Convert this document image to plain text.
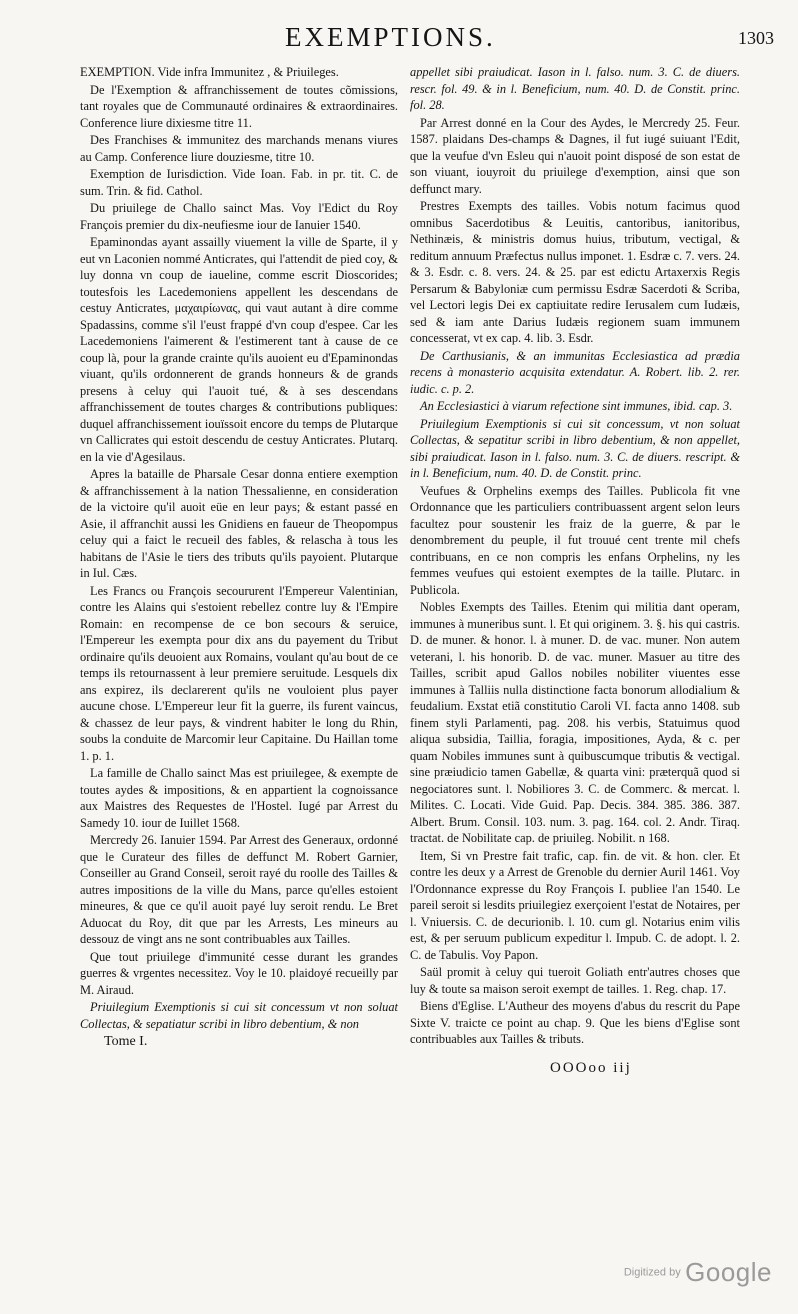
EXEMPTIONS.	1303

EXEMPTION. Vide infra Immunitez , & Priuileges.

De l'Exemption & affranchissement de toutes cõmissions, tant royales que de Communauté ordinaires & extraordinaires. Conference liure dixiesme titre 11.

Des Franchises & immunitez des marchands menans viures au Camp. Conference liure douziesme, titre 10.

Exemption de Iurisdiction. Vide Ioan. Fab. in pr. tit. C. de sum. Trin. & fid. Cathol.

Du priuilege de Challo sainct Mas. Voy l'Edict du Roy François premier du dix-neufiesme iour de Ianuier 1540.

Epaminondas ayant assailly viuement la ville de Sparte, il y eut vn Laconien nommé Anticrates, qui l'attendit de pied coy, & luy donna vn coup de iaueline, comme escrit Dioscorides; toutesfois les Lacedemoniens appellent les descendans de cestuy Anticrates, μαχαιρίωνας, qui vaut autant à dire comme Spadassins, comme s'il l'eust frappé d'vn coup d'espee. Car les Lacedemoniens l'aimerent & l'estimerent tant à cause de ce coup là, pour la grande crainte qu'ils auoient eu d'Epaminondas viuant, qu'ils ordonnerent de grands honneurs & de grands presens à celuy qui l'auoit tué, & à ses descendans affranchissement de toutes charges & contributions publiques: duquel affranchissement iouïssoit encore du temps de Plutarque vn Callicrates qui estoit descendu de cestuy Anticrates. Plutarq. en la vie d'Agesilaus.

Apres la bataille de Pharsale Cesar donna entiere exemption & affranchissement à la nation Thessalienne, en consideration de la victoire qu'il auoit eüe en leur pays; & estant passé en Asie, il affranchit aussi les Gnidiens en faueur de Theopompus celuy qui a faict le recueil des fables, & relascha à tous les habitans de l'Asie le tiers des tributs qu'ils payoient. Plutarque in Iul. Cæs.

Les Francs ou François secoururent l'Empereur Valentinian, contre les Alains qui s'estoient rebellez contre luy & l'Empire Romain: en recompense de ce bon secours & seruice, l'Empereur les exempta pour dix ans du payement du Tribut ordinaire qu'ils deuoient aux Romains, voulant qu'au bout de ce temps ils retournassent à leur premiere seruitude. Lesquels dix ans expirez, ils declarerent qu'ils ne vouloient plus payer aucune chose. L'Empereur leur fit la guerre, ils furent vaincus, & chassez de leur pays, & vindrent habiter le long du Rhin, soubs la conduite de Marcomir leur Capitaine. Du Haillan tome 1. p. 1.

La famille de Challo sainct Mas est priuilegee, & exempte de toutes aydes & impositions, & en appartient la cognoissance aux Maistres des Requestes de l'Hostel. Iugé par Arrest du Samedy 10. iour de Iuillet 1568.

Mercredy 26. Ianuier 1594. Par Arrest des Generaux, ordonné que le Curateur des filles de deffunct M. Robert Garnier, Conseiller au Grand Conseil, seroit rayé du roolle des Tailles & autres impositions de la ville du Mans, parce qu'elles estoient mineures, & que ce qu'il auoit payé luy seroit rendu. Le Bret Aduocat du Roy, dit que par les Arrests, Les mineurs au dessouz de vingt ans ne sont contribuables aux Tailles.

Que tout priuilege d'immunité cesse durant les grandes guerres & vrgentes necessitez. Voy le 10. plaidoyé recueilly par M. Airaud.

Priuilegium Exemptionis si cui sit concessum vt non soluat Collectas, & sepatiatur scribi in libro debentium, & non

Tome I.

appellet sibi praiudicat. Iason in l. falso. num. 3. C. de diuers. rescr. fol. 49. & in l. Beneficium, num. 40. D. de Constit. princ. fol. 28.

Par Arrest donné en la Cour des Aydes, le Mercredy 25. Feur. 1587. plaidans Des-champs & Dagnes, il fut iugé suiuant l'Edit, que la veufue d'vn Esleu qui n'auoit point disposé de son estat de son viuant, iouyroit du priuilege d'exemption, ainsi que son deffunct mary.

Prestres Exempts des tailles. Vobis notum facimus quod omnibus Sacerdotibus & Leuitis, cantoribus, ianitoribus, Nethinæis, & ministris domus huius, tributum, vectigal, & reditum annuum Præfectus nullus imponet. 1. Esdræ c. 7. vers. 24. & 3. Esdr. c. 8. vers. 24. & 25. par est edictu Artaxerxis Regis Persarum & Babyloniæ cum permissu Esdræ Sacerdoti & Scriba, vel Lectori legis Dei ex captiuitate redire Ierusalem cum Iudæis, sed & iam ante Darius Iudæis regionem suam immunem concesserat, vt ex cap. 4. lib. 3. Esdr.

De Carthusianis, & an immunitas Ecclesiastica ad prædia recens à monasterio acquisita extendatur. A. Robert. lib. 2. rer. iudic. c. p. 2.

An Ecclesiastici à viarum refectione sint immunes, ibid. cap. 3.

Priuilegium Exemptionis si cui sit concessum, vt non soluat Collectas, & sepatitur scribi in libro debentium, & non appellet, sibi praiudicat. Iason in l. falso. num. 3. C. de diuers. rescript. & in l. Beneficium, num. 40. D. de Constit. princ.

Veufues & Orphelins exemps des Tailles. Publicola fit vne Ordonnance que les particuliers contribuassent argent selon leurs facultez pour soustenir les fraiz de la guerre, & par le denombrement du peuple, il fut trouué cent trente mil chefs contribuans, en ce non compris les enfans Orphelins, ny les femmes veufues qui estoient exemptes de la taille. Plutarc. in Publicola.

Nobles Exempts des Tailles. Etenim qui militia dant operam, immunes à muneribus sunt. l. Et qui originem. 3. §. his qui castris. D. de muner. & honor. l. à muner. D. de vac. muner. Non autem veterani, l. his honorib. D. de vac. muner. Masuer au titre des Tailles, scribit apud Gallos nobiles nobiliter viuentes esse immunes à Talliis nulla distinctione facta bonorum allodialium & feudalium. Exstat etiã constitutio Caroli VI. facta anno 1408. sub finem styli Parlamenti, pag. 208. his verbis, Statuimus quod aliqua subsidia, Taillia, foragia, impositiones, Ayda, & c. per quam Nobiles immunes sunt à quibuscumque tributis & vectigal. sine præiudicio tamen Gabellæ, & quarta vini: præterquã quod si negociatores sunt. l. Nobiliores 3. C. de Commerc. & mercat. l. Milites. C. Locati. Vide Guid. Pap. Decis. 384. 385. 386. 387. Albert. Brum. Consil. 103. num. 3. pag. 164. col. 2. Andr. Tiraq. tractat. de Nobilitate cap. de priuileg. Nobilit. n 168.

Item, Si vn Prestre fait trafic, cap. fin. de vit. & hon. cler. Et contre les deux y a Arrest de Grenoble du dernier Auril 1461. Voy l'Ordonnance expresse du Roy François I. publiee l'an 1540. Le pareil seroit si lesdits priuilegiez exerçoient l'estat de Notaires, per l. Vniuersis. C. de decurionib. l. 10. cum gl. Notarius enim vilis est, & per seruum publicum expeditur l. Impub. C. de adopt. l. 2. C. de Tabulis. Voy Papon.

Saül promit à celuy qui tueroit Goliath entr'autres choses que luy & toute sa maison seroit exempt de tailles. 1. Reg. chap. 17.

Biens d'Eglise. L'Autheur des moyens d'abus du rescrit du Pape Sixte V. traicte ce point au chap. 9. Que les biens d'Eglise sont contribuables aux Tailles & tributs.

OOOoo iij
Digitized by Google
